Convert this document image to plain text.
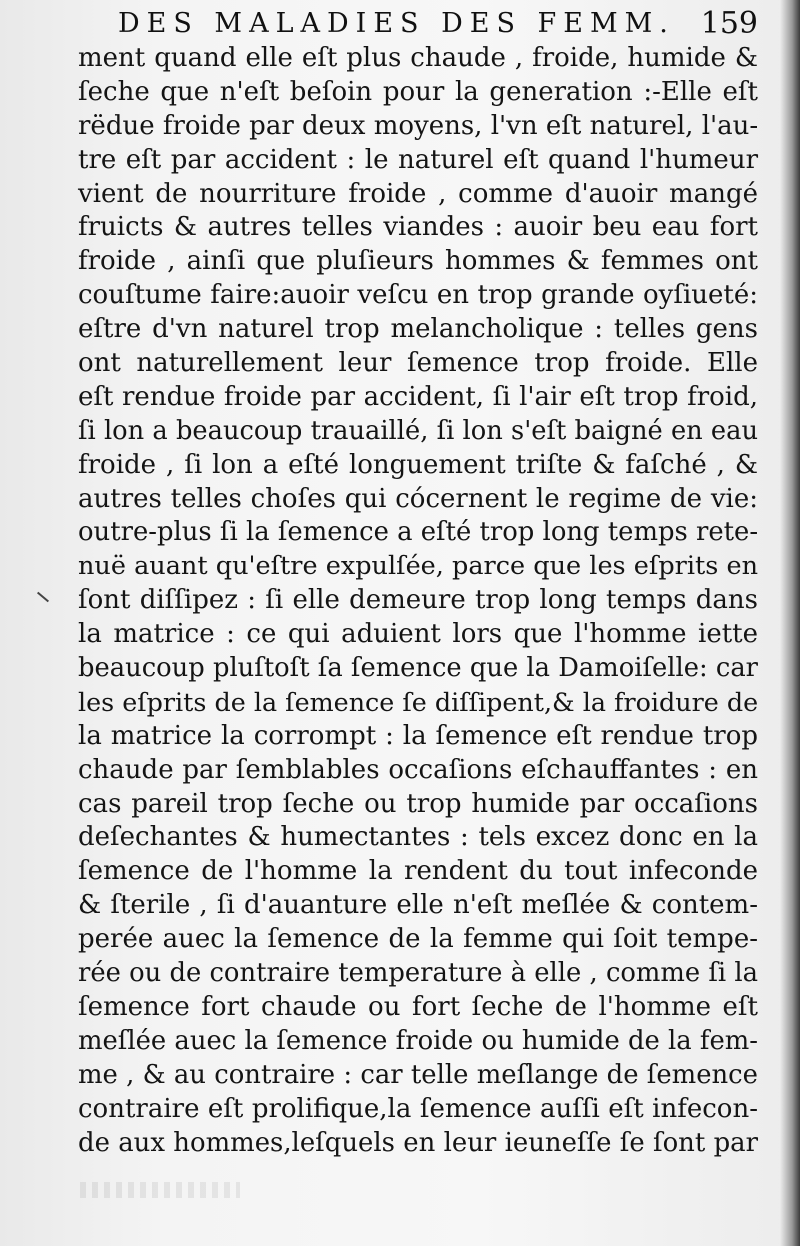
DES MALADIES DES FEMM. 159
ment quand elle eſt plus chaude , froide, humide &
ſeche que n'eſt beſoin pour la generation :-Elle eſt
rëdue froide par deux moyens, l'vn eſt naturel, l'au-
tre eſt par accident : le naturel eſt quand l'humeur
vient de nourriture froide , comme d'auoir mangé
fruicts & autres telles viandes : auoir beu eau fort
froide , ainſi que pluſieurs hommes & femmes ont
couſtume faire:auoir veſcu en trop grande oyſiueté:
eſtre d'vn naturel trop melancholique : telles gens
ont naturellement leur ſemence trop froide. Elle
eſt rendue froide par accident, ſi l'air eſt trop froid,
ſi lon a beaucoup trauaillé, ſi lon s'eſt baigné en eau
froide , ſi lon a eſté longuement triſte & faſché , &
autres telles choſes qui cócernent le regime de vie:
outre-plus ſi la ſemence a eſté trop long temps rete-
nuë auant qu'eſtre expulſée, parce que les eſprits en
ſont diſſipez : ſi elle demeure trop long temps dans
la matrice : ce qui aduient lors que l'homme iette
beaucoup pluſtoſt ſa ſemence que la Damoiſelle: car
les eſprits de la ſemence ſe diſſipent,& la froidure de
la matrice la corrompt : la ſemence eſt rendue trop
chaude par ſemblables occaſions eſchauffantes : en
cas pareil trop ſeche ou trop humide par occaſions
deſechantes & humectantes : tels excez donc en la
ſemence de l'homme la rendent du tout infeconde
& ſterile , ſi d'auanture elle n'eſt meſlée & contem-
perée auec la ſemence de la femme qui ſoit tempe-
rée ou de contraire temperature à elle , comme ſi la
ſemence fort chaude ou fort ſeche de l'homme eſt
meſlée auec la ſemence froide ou humide de la fem-
me , & au contraire : car telle meſlange de ſemence
contraire eſt prolifique,la ſemence auſſi eſt infecon-
de aux hommes,leſquels en leur ieuneſſe ſe ſont par
